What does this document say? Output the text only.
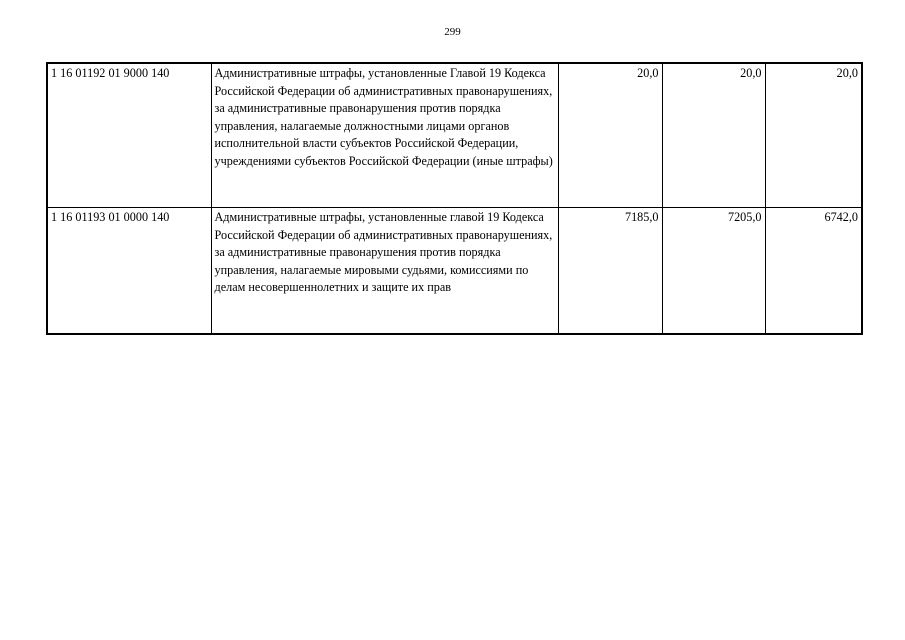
299
1 16 01192 01 9000 140	Административные штрафы, установленные Главой 19 Кодекса Российской Федерации об административных правонарушениях, за административные правонарушения против порядка управления, налагаемые должностными лицами органов исполнительной власти субъектов Российской Федерации, учреждениями субъектов Российской Федерации (иные штрафы)	20,0	20,0	20,0
1 16 01193 01 0000 140	Административные штрафы, установленные главой 19 Кодекса Российской Федерации об административных правонарушениях, за административные правонарушения против порядка управления, налагаемые мировыми судьями, комиссиями по делам несовершеннолетних и защите их прав	7185,0	7205,0	6742,0
